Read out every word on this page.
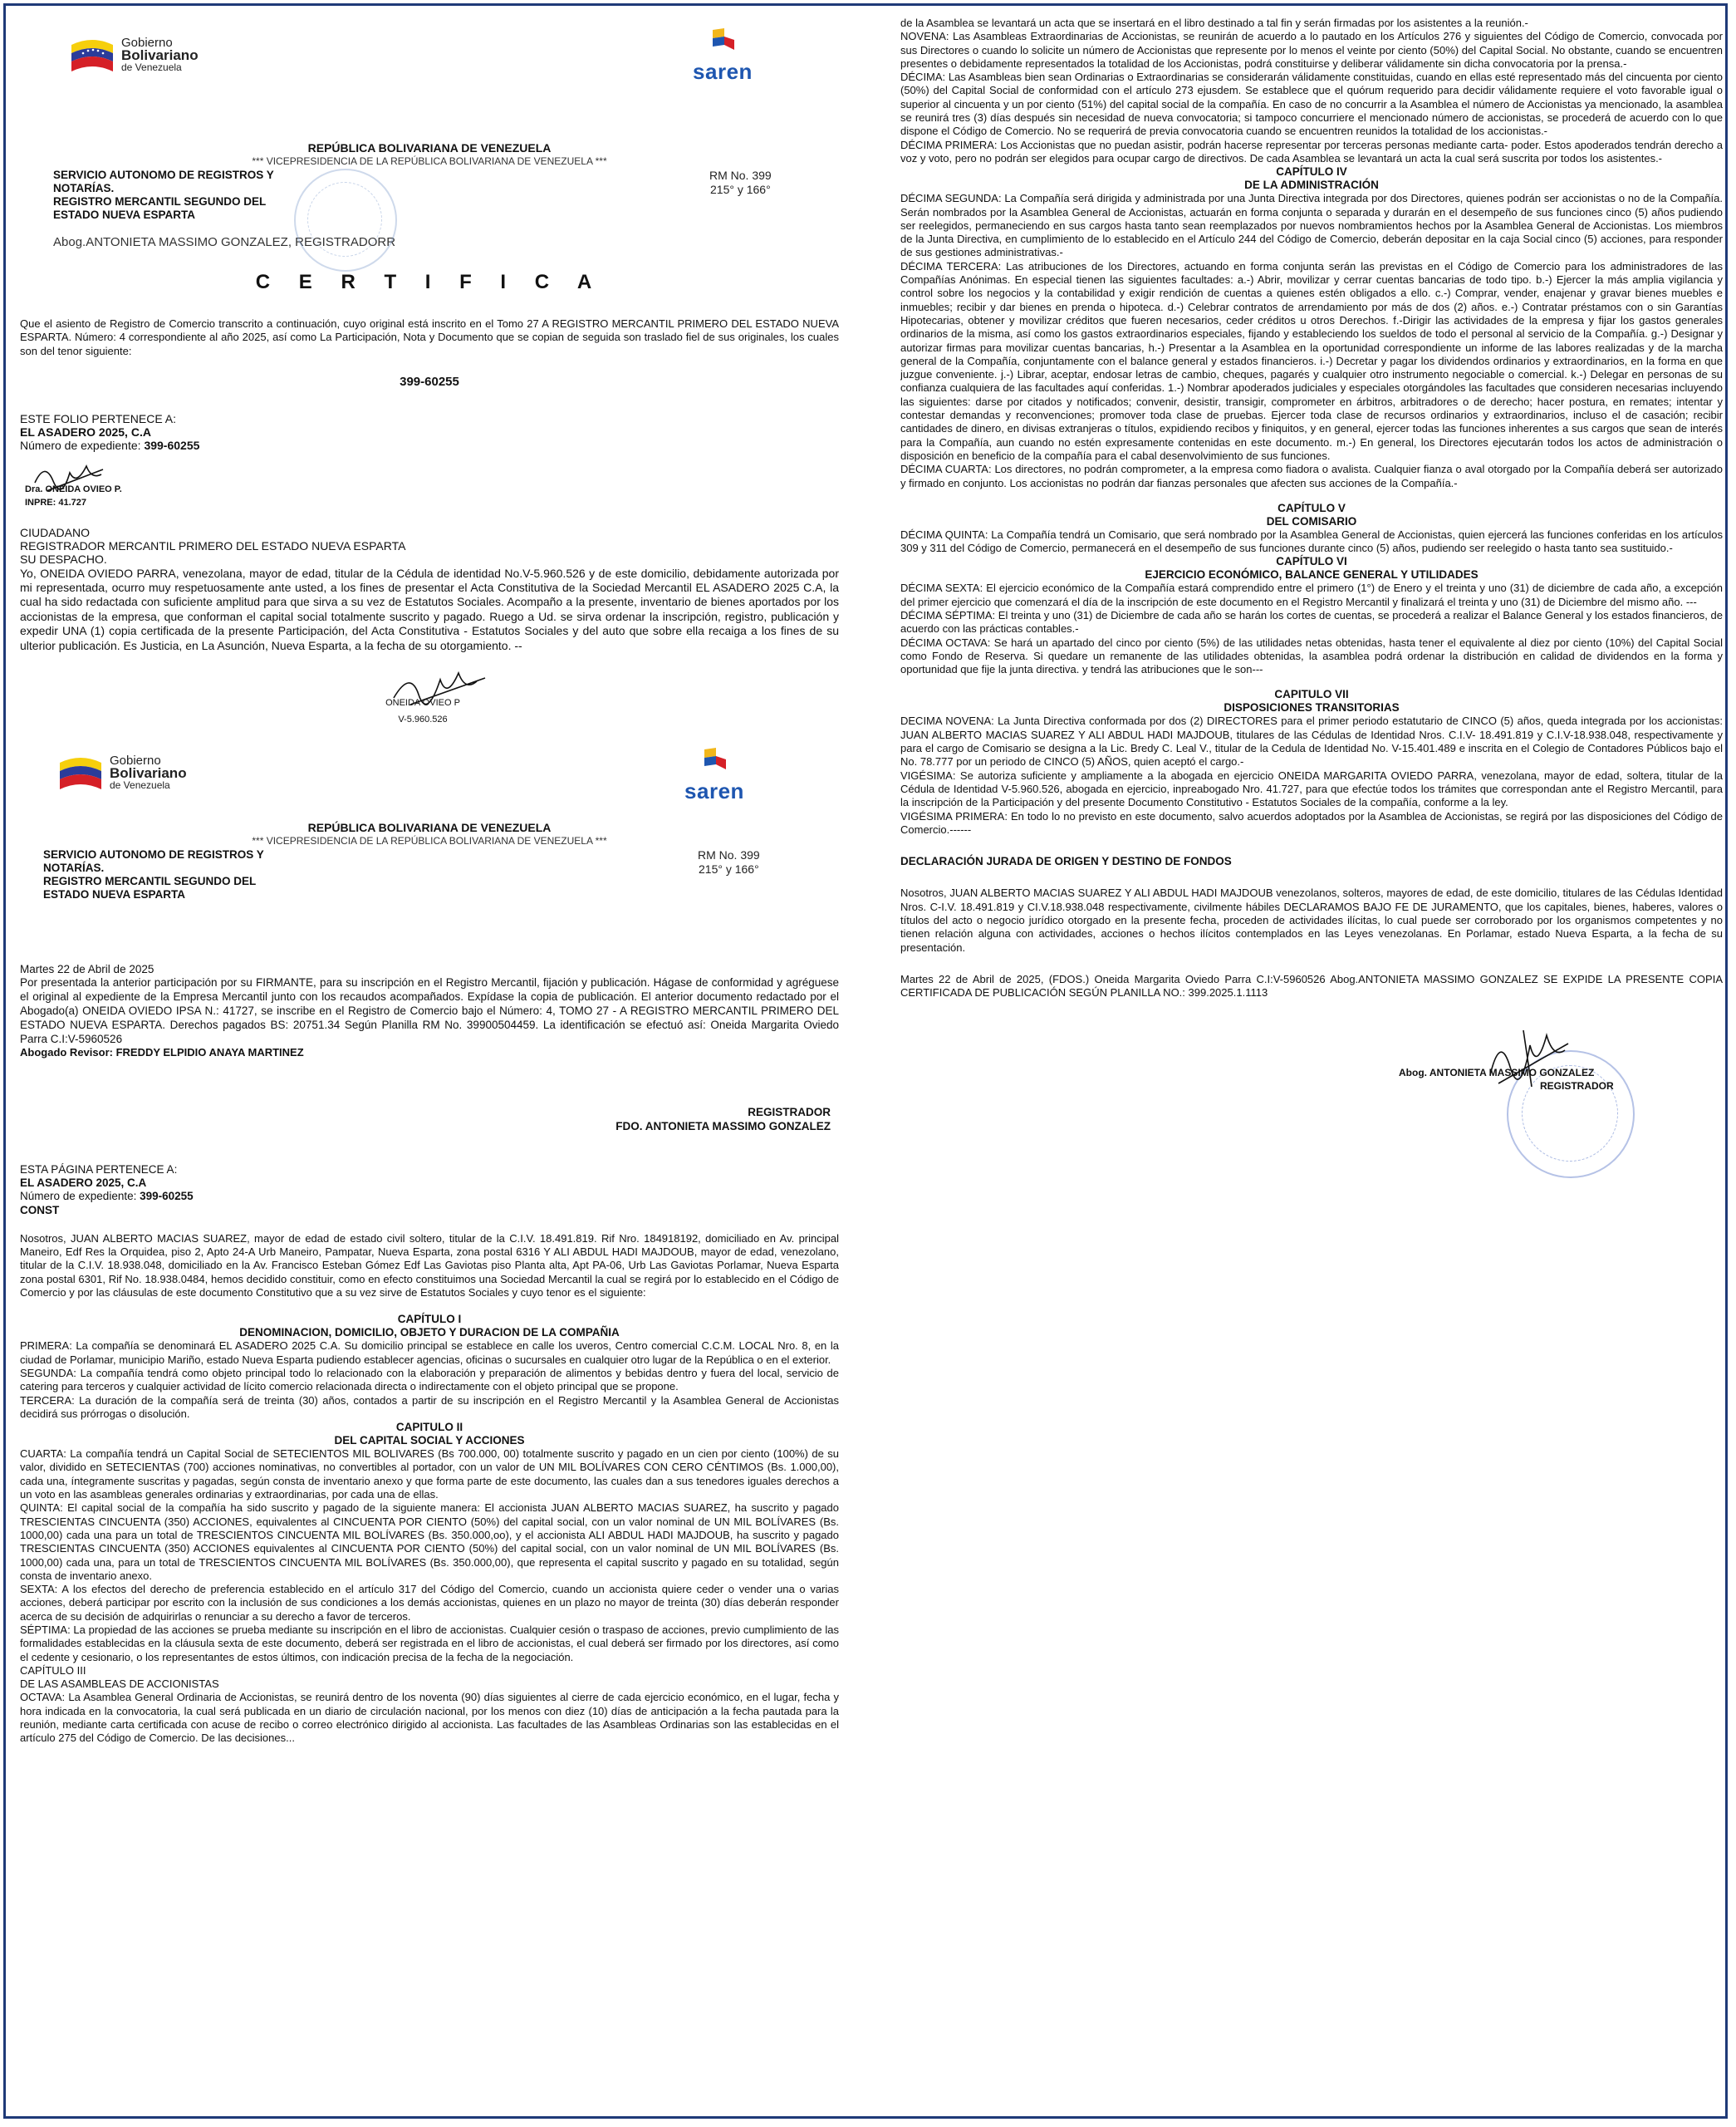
Gobierno
Bolivariano
de Venezuela	saren
REPÚBLICA BOLIVARIANA DE VENEZUELA
*** VICEPRESIDENCIA DE LA REPÚBLICA BOLIVARIANA DE VENEZUELA ***
SERVICIO AUTONOMO DE REGISTROS Y
NOTARÍAS.
REGISTRO MERCANTIL SEGUNDO DEL
ESTADO NUEVA ESPARTA
RM No. 399
215° y 166°
Abog.ANTONIETA MASSIMO GONZALEZ, REGISTRADORR
C E R T I F I C A

Que el asiento de Registro de Comercio transcrito a continuación, cuyo original está inscrito en el Tomo 27 A REGISTRO MERCANTIL PRIMERO DEL ESTADO NUEVA ESPARTA. Número: 4 correspondiente al año 2025, así como La Participación, Nota y Documento que se copian de seguida son traslado fiel de sus originales, los cuales son del tenor siguiente:

399-60255

ESTE FOLIO PERTENECE A:

EL ASADERO 2025, C.A

Número de expediente: 399-60255

Dra. ONEIDA OVIEO P.
INPRE: 41.727

CIUDADANO

REGISTRADOR MERCANTIL PRIMERO DEL ESTADO NUEVA ESPARTA

SU DESPACHO.

Yo, ONEIDA OVIEDO PARRA, venezolana, mayor de edad, titular de la Cédula de identidad No.V-5.960.526 y de este domicilio, debidamente autorizada por mi representada, ocurro muy respetuosamente ante usted, a los fines de presentar el Acta Constitutiva de la Sociedad Mercantil EL ASADERO 2025 C.A, la cual ha sido redactada con suficiente amplitud para que sirva a su vez de Estatutos Sociales. Acompaño a la presente, inventario de bienes aportados por los accionistas de la empresa, que conforman el capital social totalmente suscrito y pagado. Ruego a Ud. se sirva ordenar la inscripción, registro, publicación y expedir UNA (1) copia certificada de la presente Participación, del Acta Constitutiva - Estatutos Sociales y del auto que sobre ella recaiga a los fines de su ulterior publicación. Es Justicia, en La Asunción, Nueva Esparta, a la fecha de su otorgamiento. --

ONEIDA OVIEO P
V-5.960.526
Gobierno
Bolivariano
de Venezuela	saren
REPÚBLICA BOLIVARIANA DE VENEZUELA
*** VICEPRESIDENCIA DE LA REPÚBLICA BOLIVARIANA DE VENEZUELA ***
SERVICIO AUTONOMO DE REGISTROS Y
NOTARÍAS.
REGISTRO MERCANTIL SEGUNDO DEL
ESTADO NUEVA ESPARTA
RM No. 399
215° y 166°

Martes 22 de Abril de 2025

Por presentada la anterior participación por su FIRMANTE, para su inscripción en el Registro Mercantil, fijación y publicación. Hágase de conformidad y agréguese el original al expediente de la Empresa Mercantil junto con los recaudos acompañados. Expídase la copia de publicación. El anterior documento redactado por el Abogado(a) ONEIDA OVIEDO IPSA N.: 41727, se inscribe en el Registro de Comercio bajo el Número: 4, TOMO 27 - A REGISTRO MERCANTIL PRIMERO DEL ESTADO NUEVA ESPARTA. Derechos pagados BS: 20751.34 Según Planilla RM No. 39900504459. La identificación se efectuó así: Oneida Margarita Oviedo Parra C.I:V-5960526

Abogado Revisor: FREDDY ELPIDIO ANAYA MARTINEZ

REGISTRADOR
FDO. ANTONIETA MASSIMO GONZALEZ

ESTA PÁGINA PERTENECE A:

EL ASADERO 2025, C.A

Número de expediente: 399-60255

CONST

Nosotros, JUAN ALBERTO MACIAS SUAREZ, mayor de edad de estado civil soltero, titular de la C.I.V. 18.491.819. Rif Nro. 184918192, domiciliado en Av. principal Maneiro, Edf Res la Orquidea, piso 2, Apto 24-A Urb Maneiro, Pampatar, Nueva Esparta, zona postal 6316 Y ALI ABDUL HADI MAJDOUB, mayor de edad, venezolano, titular de la C.I.V. 18.938.048, domiciliado en la Av. Francisco Esteban Gómez Edf Las Gaviotas piso Planta alta, Apt PA-06, Urb Las Gaviotas Porlamar, Nueva Esparta zona postal 6301, Rif No. 18.938.0484, hemos decidido constituir, como en efecto constituimos una Sociedad Mercantil la cual se regirá por lo establecido en el Código de Comercio y por las cláusulas de este documento Constitutivo que a su vez sirve de Estatutos Sociales y cuyo tenor es el siguiente:

CAPÍTULO I
DENOMINACION, DOMICILIO, OBJETO Y DURACION DE LA COMPAÑIA

PRIMERA: La compañía se denominará EL ASADERO 2025 C.A. Su domicilio principal se establece en calle los uveros, Centro comercial C.C.M. LOCAL Nro. 8, en la ciudad de Porlamar, municipio Mariño, estado Nueva Esparta pudiendo establecer agencias, oficinas o sucursales en cualquier otro lugar de la República o en el exterior.

SEGUNDA: La compañía tendrá como objeto principal todo lo relacionado con la elaboración y preparación de alimentos y bebidas dentro y fuera del local, servicio de catering para terceros y cualquier actividad de lícito comercio relacionada directa o indirectamente con el objeto principal que se propone.

TERCERA: La duración de la compañía será de treinta (30) años, contados a partir de su inscripción en el Registro Mercantil y la Asamblea General de Accionistas decidirá sus prórrogas o disolución.

CAPITULO II
DEL CAPITAL SOCIAL Y ACCIONES

CUARTA: La compañía tendrá un Capital Social de SETECIENTOS MIL BOLIVARES (Bs 700.000, 00) totalmente suscrito y pagado en un cien por ciento (100%) de su valor, dividido en SETECIENTAS (700) acciones nominativas, no convertibles al portador, con un valor de UN MIL BOLÍVARES CON CERO CÉNTIMOS (Bs. 1.000,00), cada una, íntegramente suscritas y pagadas, según consta de inventario anexo y que forma parte de este documento, las cuales dan a sus tenedores iguales derechos a un voto en las asambleas generales ordinarias y extraordinarias, por cada una de ellas.

QUINTA: El capital social de la compañía ha sido suscrito y pagado de la siguiente manera: El accionista JUAN ALBERTO MACIAS SUAREZ, ha suscrito y pagado TRESCIENTAS CINCUENTA (350) ACCIONES, equivalentes al CINCUENTA POR CIENTO (50%) del capital social, con un valor nominal de UN MIL BOLÍVARES (Bs. 1000,00) cada una para un total de TRESCIENTOS CINCUENTA MIL BOLÍVARES (Bs. 350.000,oo), y el accionista ALI ABDUL HADI MAJDOUB, ha suscrito y pagado TRESCIENTAS CINCUENTA (350) ACCIONES equivalentes al CINCUENTA POR CIENTO (50%) del capital social, con un valor nominal de UN MIL BOLÍVARES (Bs. 1000,00) cada una, para un total de TRESCIENTOS CINCUENTA MIL BOLÍVARES (Bs. 350.000,00), que representa el capital suscrito y pagado en su totalidad, según consta de inventario anexo.

SEXTA: A los efectos del derecho de preferencia establecido en el artículo 317 del Código del Comercio, cuando un accionista quiere ceder o vender una o varias acciones, deberá participar por escrito con la inclusión de sus condiciones a los demás accionistas, quienes en un plazo no mayor de treinta (30) días deberán responder acerca de su decisión de adquirirlas o renunciar a su derecho a favor de terceros.

SÉPTIMA: La propiedad de las acciones se prueba mediante su inscripción en el libro de accionistas. Cualquier cesión o traspaso de acciones, previo cumplimiento de las formalidades establecidas en la cláusula sexta de este documento, deberá ser registrada en el libro de accionistas, el cual deberá ser firmado por los directores, así como el cedente y cesionario, o los representantes de estos últimos, con indicación precisa de la fecha de la negociación.

CAPÍTULO III

DE LAS ASAMBLEAS DE ACCIONISTAS

OCTAVA: La Asamblea General Ordinaria de Accionistas, se reunirá dentro de los noventa (90) días siguientes al cierre de cada ejercicio económico, en el lugar, fecha y hora indicada en la convocatoria, la cual será publicada en un diario de circulación nacional, por los menos con diez (10) días de anticipación a la fecha pautada para la reunión, mediante carta certificada con acuse de recibo o correo electrónico dirigido al accionista. Las facultades de las Asambleas Ordinarias son las establecidas en el artículo 275 del Código de Comercio. De las decisiones...

de la Asamblea se levantará un acta que se insertará en el libro destinado a tal fin y serán firmadas por los asistentes a la reunión.-

NOVENA: Las Asambleas Extraordinarias de Accionistas, se reunirán de acuerdo a lo pautado en los Artículos 276 y siguientes del Código de Comercio, convocada por sus Directores o cuando lo solicite un número de Accionistas que represente por lo menos el veinte por ciento (50%) del Capital Social. No obstante, cuando se encuentren presentes o debidamente representados la totalidad de los Accionistas, podrá constituirse y deliberar válidamente sin dicha convocatoria por la prensa.-

DÉCIMA: Las Asambleas bien sean Ordinarias o Extraordinarias se considerarán válidamente constituidas, cuando en ellas esté representado más del cincuenta por ciento (50%) del Capital Social de conformidad con el artículo 273 ejusdem. Se establece que el quórum requerido para decidir válidamente requiere el voto favorable igual o superior al cincuenta y un por ciento (51%) del capital social de la compañía. En caso de no concurrir a la Asamblea el número de Accionistas ya mencionado, la asamblea se reunirá tres (3) días después sin necesidad de nueva convocatoria; si tampoco concurriere el mencionado número de accionistas, se procederá de acuerdo con lo que dispone el Código de Comercio. No se requerirá de previa convocatoria cuando se encuentren reunidos la totalidad de los accionistas.-

DÉCIMA PRIMERA: Los Accionistas que no puedan asistir, podrán hacerse representar por terceras personas mediante carta- poder. Estos apoderados tendrán derecho a voz y voto, pero no podrán ser elegidos para ocupar cargo de directivos. De cada Asamblea se levantará un acta la cual será suscrita por todos los asistentes.-

CAPÍTULO IV
DE LA ADMINISTRACIÓN

DÉCIMA SEGUNDA: La Compañía será dirigida y administrada por una Junta Directiva integrada por dos Directores, quienes podrán ser accionistas o no de la Compañía. Serán nombrados por la Asamblea General de Accionistas, actuarán en forma conjunta o separada y durarán en el desempeño de sus funciones cinco (5) años pudiendo ser reelegidos, permaneciendo en sus cargos hasta tanto sean reemplazados por nuevos nombramientos hechos por la Asamblea General de Accionistas. Los miembros de la Junta Directiva, en cumplimiento de lo establecido en el Artículo 244 del Código de Comercio, deberán depositar en la caja Social cinco (5) acciones, para responder de sus gestiones administrativas.-

DÉCIMA TERCERA: Las atribuciones de los Directores, actuando en forma conjunta serán las previstas en el Código de Comercio para los administradores de las Compañías Anónimas. En especial tienen las siguientes facultades: a.-) Abrir, movilizar y cerrar cuentas bancarias de todo tipo. b.-) Ejercer la más amplia vigilancia y control sobre los negocios y la contabilidad y exigir rendición de cuentas a quienes estén obligados a ello. c.-) Comprar, vender, enajenar y gravar bienes muebles e inmuebles; recibir y dar bienes en prenda o hipoteca. d.-) Celebrar contratos de arrendamiento por más de dos (2) años. e.-) Contratar préstamos con o sin Garantías Hipotecarias, obtener y movilizar créditos que fueren necesarios, ceder créditos u otros Derechos. f.-Dirigir las actividades de la empresa y fijar los gastos generales ordinarios de la misma, así como los gastos extraordinarios especiales, fijando y estableciendo los sueldos de todo el personal al servicio de la Compañía. g.-) Designar y autorizar firmas para movilizar cuentas bancarias, h.-) Presentar a la Asamblea en la oportunidad correspondiente un informe de las labores realizadas y de la marcha general de la Compañía, conjuntamente con el balance general y estados financieros. i.-) Decretar y pagar los dividendos ordinarios y extraordinarios, en la forma en que juzgue conveniente. j.-) Librar, aceptar, endosar letras de cambio, cheques, pagarés y cualquier otro instrumento negociable o comercial. k.-) Delegar en personas de su confianza cualquiera de las facultades aquí conferidas. 1.-) Nombrar apoderados judiciales y especiales otorgándoles las facultades que consideren necesarias incluyendo las siguientes: darse por citados y notificados; convenir, desistir, transigir, comprometer en árbitros, arbitradores o de derecho; hacer postura, en remates; intentar y contestar demandas y reconvenciones; promover toda clase de pruebas. Ejercer toda clase de recursos ordinarios y extraordinarios, incluso el de casación; recibir cantidades de dinero, en divisas extranjeras o títulos, expidiendo recibos y finiquitos, y en general, ejercer todas las funciones inherentes a sus cargos que sean de interés para la Compañía, aun cuando no estén expresamente contenidas en este documento. m.-) En general, los Directores ejecutarán todos los actos de administración o disposición en beneficio de la compañía para el cabal desenvolvimiento de sus funciones.

DÉCIMA CUARTA: Los directores, no podrán comprometer, a la empresa como fiadora o avalista. Cualquier fianza o aval otorgado por la Compañía deberá ser autorizado y firmado en conjunto. Los accionistas no podrán dar fianzas personales que afecten sus acciones de la Compañía.-

CAPÍTULO V
DEL COMISARIO

DÉCIMA QUINTA: La Compañía tendrá un Comisario, que será nombrado por la Asamblea General de Accionistas, quien ejercerá las funciones conferidas en los artículos 309 y 311 del Código de Comercio, permanecerá en el desempeño de sus funciones durante cinco (5) años, pudiendo ser reelegido o hasta tanto sea sustituido.-

CAPÍTULO VI
EJERCICIO ECONÓMICO, BALANCE GENERAL Y UTILIDADES

DÉCIMA SEXTA: El ejercicio económico de la Compañía estará comprendido entre el primero (1°) de Enero y el treinta y uno (31) de diciembre de cada año, a excepción del primer ejercicio que comenzará el día de la inscripción de este documento en el Registro Mercantil y finalizará el treinta y uno (31) de Diciembre del mismo año. ---

DÉCIMA SÉPTIMA: El treinta y uno (31) de Diciembre de cada año se harán los cortes de cuentas, se procederá a realizar el Balance General y los estados financieros, de acuerdo con las prácticas contables.-

DÉCIMA OCTAVA: Se hará un apartado del cinco por ciento (5%) de las utilidades netas obtenidas, hasta tener el equivalente al diez por ciento (10%) del Capital Social como Fondo de Reserva. Si quedare un remanente de las utilidades obtenidas, la asamblea podrá ordenar la distribución en calidad de dividendos en la forma y oportunidad que fije la junta directiva. y tendrá las atribuciones que le son---

CAPITULO VII
DISPOSICIONES TRANSITORIAS

DECIMA NOVENA: La Junta Directiva conformada por dos (2) DIRECTORES para el primer periodo estatutario de CINCO (5) años, queda integrada por los accionistas: JUAN ALBERTO MACIAS SUAREZ Y ALI ABDUL HADI MAJDOUB, titulares de las Cédulas de Identidad Nros. C.I.V- 18.491.819 y C.I.V-18.938.048, respectivamente y para el cargo de Comisario se designa a la Lic. Bredy C. Leal V., titular de la Cedula de Identidad No. V-15.401.489 e inscrita en el Colegio de Contadores Públicos bajo el No. 78.777 por un periodo de CINCO (5) AÑOS, quien aceptó el cargo.-

VIGÉSIMA: Se autoriza suficiente y ampliamente a la abogada en ejercicio ONEIDA MARGARITA OVIEDO PARRA, venezolana, mayor de edad, soltera, titular de la Cédula de Identidad V-5.960.526, abogada en ejercicio, inpreabogado Nro. 41.727, para que efectúe todos los trámites que correspondan ante el Registro Mercantil, para la inscripción de la Participación y del presente Documento Constitutivo - Estatutos Sociales de la compañía, conforme a la ley.

VIGÉSIMA PRIMERA: En todo lo no previsto en este documento, salvo acuerdos adoptados por la Asamblea de Accionistas, se regirá por las disposiciones del Código de Comercio.------

DECLARACIÓN JURADA DE ORIGEN Y DESTINO DE FONDOS

Nosotros, JUAN ALBERTO MACIAS SUAREZ Y ALI ABDUL HADI MAJDOUB venezolanos, solteros, mayores de edad, de este domicilio, titulares de las Cédulas Identidad Nros. C-I.V. 18.491.819 y CI.V.18.938.048 respectivamente, civilmente hábiles DECLARAMOS BAJO FE DE JURAMENTO, que los capitales, bienes, haberes, valores o títulos del acto o negocio jurídico otorgado en la presente fecha, proceden de actividades ilícitas, lo cual puede ser corroborado por los organismos competentes y no tienen relación alguna con actividades, acciones o hechos ilícitos contemplados en las Leyes venezolanas. En Porlamar, estado Nueva Esparta, a la fecha de su presentación.

Martes 22 de Abril de 2025, (FDOS.) Oneida Margarita Oviedo Parra C.I:V-5960526 Abog.ANTONIETA MASSIMO GONZALEZ SE EXPIDE LA PRESENTE COPIA CERTIFICADA DE PUBLICACIÓN SEGÚN PLANILLA NO.: 399.2025.1.1113

Abog. ANTONIETA MASSIMO GONZALEZ
REGISTRADOR
